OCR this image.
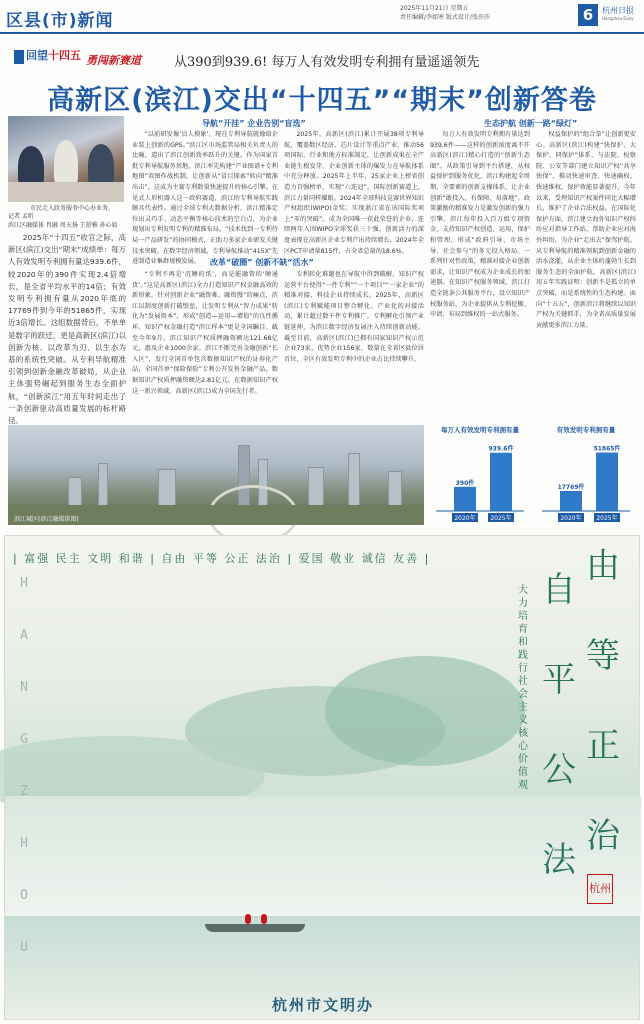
区县(市)新闻
2025年11月21日 星期五
责任编辑/李如寒 版式设计/张莎莎	6	杭州日报
Hangzhou Daily
回望十四五 勇闯新赛道	从390到939.6! 每万人有效发明专利拥有量遥遥领先
高新区(滨江)交出“十四五”“期末”创新答卷
市民走入政务服务中心办业务。
记者 孟昕
滨江区融媒体 肖融 周天扬 王舒雅 孙心如

2025年“十四五”收官之际，高新区(滨江)交出“期末”成绩单：每万人有效发明专利拥有量达939.6件，较2020年的390件实现2.4倍增长，是全省平均水平的14倍；有效发明专利拥有量从2020年底的17769件到今年的51865件，实现近3倍增长。这组数据背后，不单单是数字的跃迁，更是高新区(滨江)以创新为核、以改革为刃、以生态为基的系统性突破。从专利导航精准引领到创新金融改革破局，从企业主体强势崛起到服务生态全面护航，“创新滨江”用五年时间走出了一条创新驱动高质量发展的标杆路径。

导航“开挂” 企业告别“盲选”

“以前研发像‘盲人摸象’，现在专利导航就像给企业装上创新的GPS。”滨江区市场监管局相关负责人的比喻，道出了滨江创新效率跃升的关键。作为国家首批专利导航服务基地，滨江率先构建“产业图谱+专利地图”双图作战机制，让创新从“冒目探索”转向“精准出击”。这成为主赛专利数量快速提升的核心引擎。在见式人形机器人这一政府赛道，滨江的专利导航实践颇具代表性。通过全球专利大数据分析，滨江精准定位出灵巧手、动态平衡等核心技术的空白点，为企业规划出专利发明专利的精准布局。“技术找到一专利待局一产品研发”的协同模式，正助力多家企业研发关键技术突破。在数字经济领域，专利导航推动“415X”先进制造业集群规模发展。	改革“破圈” 创新不缺“活水”

“专利不再是‘沉睡的纸’，而是能融资的‘硬通货’。”这是高新区(滨江)全力打造知识产权金融高效的新形象。针对创新企业“融资难、融资慢”的痛点，滨江以制度创新打破壁垒，让发明专利从“智力成果”转化为“发展资本”，形成“创造—运用—增值”的良性循环。知识产权金融打造“滨江样本”更是全国瞩目。截至今年9月，滨江知识产权质押融资额达121.68亿元，惠及企业1000余家。滨江不断完善金融创新“长入区”，发行全国首单包含数据知识产权的证券化产品，全国首单“保险保险”专利公开发售金融产品，数据知识产权质押融资额达2.81亿元。在数据知识产权这一新兴领域，高新区(滨江)成为全国先行者。

2025年，高新区(滨江)累计开展38项专利导航，覆盖数区经济、芯片设计等重点产业，推动56项国际、行业和地方标准制定，让创新成果在全产业链生根发芽。企业创新主体的爆发力在导航体系中充分释放。2025年上半年，25家企业上榜省创造力百强榜单，实现“六连冠”。国际创新赛道上，滨江力量同样耀眼。2024年全球科技竞赛世界知识产权组织(WIPO)金奖；实现浙江省在该国际奖项上“零的突破”。成为全国唯一获此荣誉的企业，连续两年入围WIPO全球奖获三十强。创新活力的深度表现在高新区企业专利产出持续增长。2024年全区PCT申请量815件，占全省总量的18.6%。

专利转化难题也在导航中得到破解，知识产权运营平台使得“一件专利”“一个项目”“一家企业”的精准对接，科技企业持续成长。2025年，高新区(滨江)专利赋能项目整合孵化、产业化的对接活动，累计超过数千件专利推广，专利孵化引领产业链延伸，为滨江数字经济发展注入持续创新动能。截至目前，高新区(滨江)已拥有国家知识产权示范企业73家、优势企业156家，数量在全省区县位居首位，全区有效发明专利中的企业占比持续攀升。

生态护航 创新一路“绿灯”

每万人有效发明专利拥有量达到939.6件——这样的创新浓度离不开高新区(滨江)精心打造的“创新生态圈”。从政策引导到平台搭建，从权益保护到服务优化，滨江构建起全周期、全要素的创新支撑体系，让企业创新“敢投入、有保障、易落地”。政策激励的精准发力是激发创新的强力引擎。滨江每年投入百万级专项资金，支持知识产权创造、运用、保护和管理，形成“政府引导、市场主导、社会参与”的多元投入格局。一系列针对性政策，精准对接企业创新需求，让知识产权成为企业成长的加速器。在知识产权服务领域，滨江打造全链条公共服务平台，设立知识产权服务站，为企业提供从专利挖掘、申请、布局到维权的一站式服务。

权益保护的“组合拳”让创新更安心。高新区(滨江)构建“快保护、大保护、同保护”体系，与法院、检察院、公安等部门建立知识产权“共享快保”，推动快速审查、快速确权、快速维权，保护效能显著提升，今年以来，受理知识产权案件同比大幅增长，维护了企业合法权益。在国际化保护方面，滨江建立海外知识产权纠纷应对指导工作站，帮助企业应对海外纠纷，为企业“走出去”保驾护航。从专利导航的精准领航到创新金融的活水浇灌，从企业主体的蓬勃生长到服务生态的全面护航，高新区(滨江)用五年实践证明：创新不是孤立的单点突破，而是系统性的生态构建。面向“十五五”，创新滨江将继续以知识产权为关键抓手，为全省高质量发展贡献更多滨江力量。

滨江城区(滨江融媒供图)
每万人有效发明专利拥有量
390件
2020年
939.6件
2025年
有效发明专利拥有量
17769件
2020年
51865件
2025年
| 富强 民主 文明 和谐 | 自由 平等 公正 法治 | 爱国 敬业 诚信 友善 |
H
A
N
G
Z
H
O
U
大力培育和践行社会主义核心价值观
自
平
公
法
由
等
正
治
杭州
杭州市文明办
